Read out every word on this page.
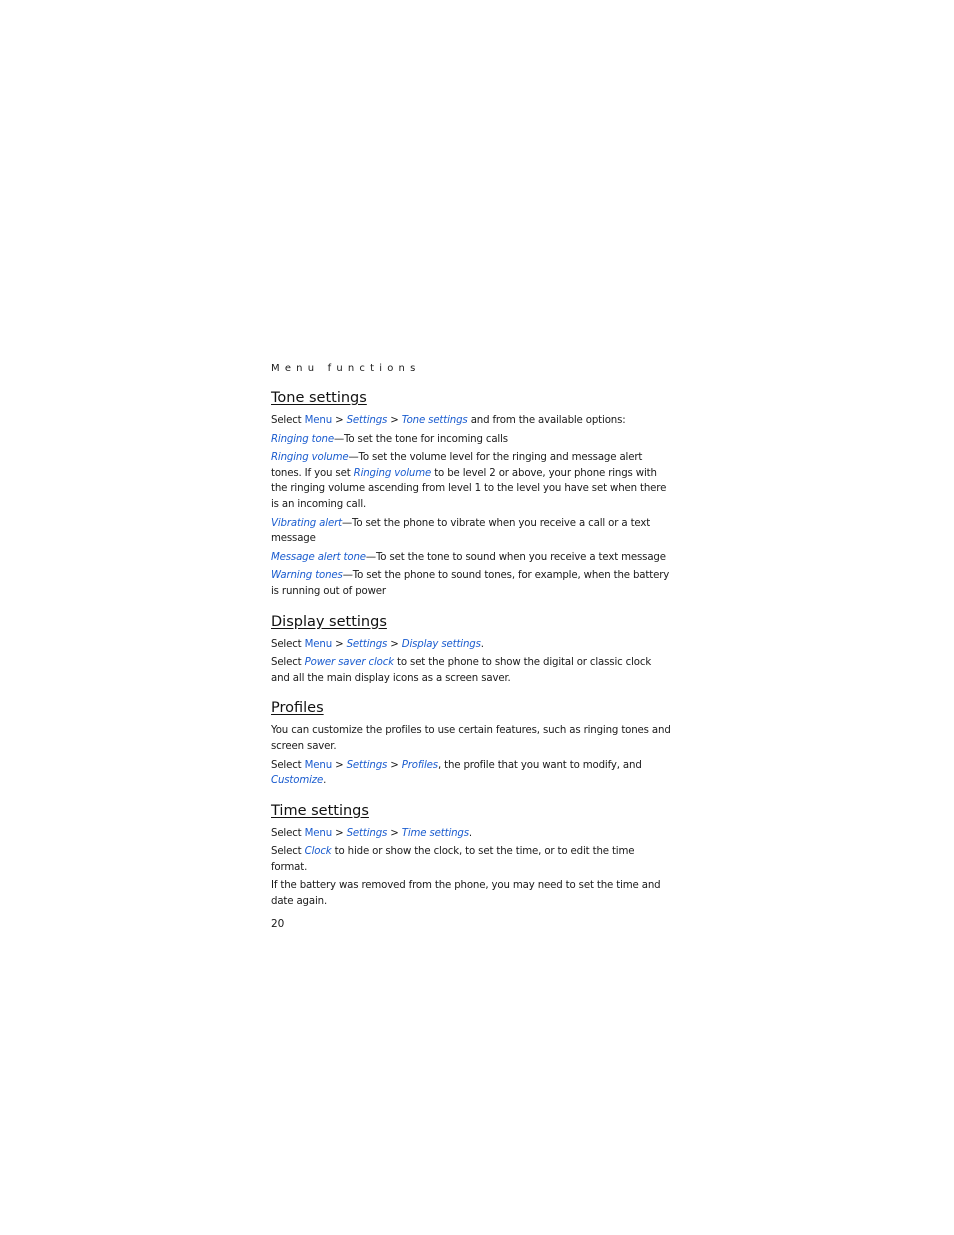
Menu functions
Tone settings

Select Menu > Settings > Tone settings and from the available options:

Ringing tone—To set the tone for incoming calls

Ringing volume—To set the volume level for the ringing and message alert tones. If you set Ringing volume to be level 2 or above, your phone rings with the ringing volume ascending from level 1 to the level you have set when there is an incoming call.

Vibrating alert—To set the phone to vibrate when you receive a call or a text message

Message alert tone—To set the tone to sound when you receive a text message

Warning tones—To set the phone to sound tones, for example, when the battery is running out of power

Display settings

Select Menu > Settings > Display settings.

Select Power saver clock to set the phone to show the digital or classic clock and all the main display icons as a screen saver.

Profiles

You can customize the profiles to use certain features, such as ringing tones and screen saver.

Select Menu > Settings > Profiles, the profile that you want to modify, and Customize.

Time settings

Select Menu > Settings > Time settings.

Select Clock to hide or show the clock, to set the time, or to edit the time format.

If the battery was removed from the phone, you may need to set the time and date again.

20
